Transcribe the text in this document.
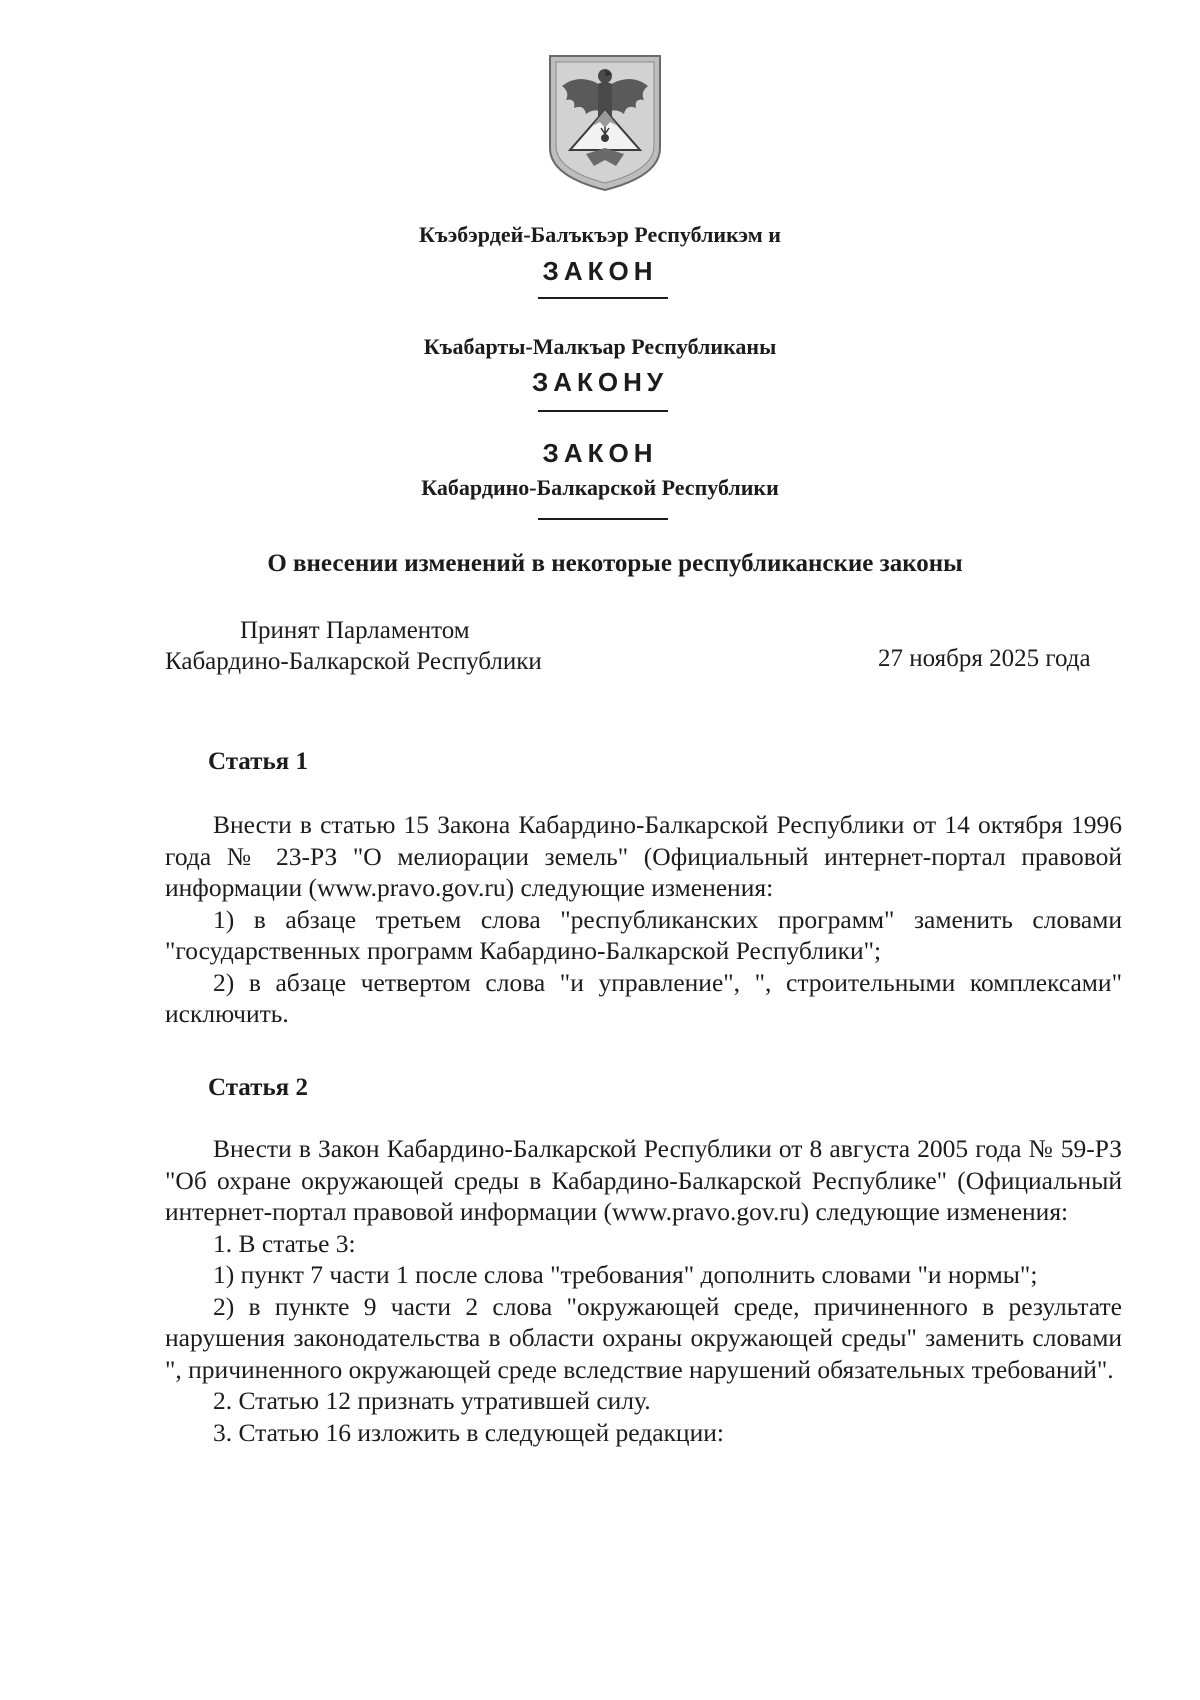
Къэбэрдей-Балъкъэр Республикэм и
ЗАКОН
Къабарты-Малкъар Республиканы
ЗАКОНУ
ЗАКОН
Кабардино-Балкарской Республики
О внесении изменений в некоторые республиканские законы
Принят Парламентом
Кабардино-Балкарской Республики	27 ноября 2025 года
Статья 1

Внести в статью 15 Закона Кабардино-Балкарской Республики от 14 октября 1996 года № 23-РЗ "О мелиорации земель" (Официальный интернет-портал правовой информации (www.pravo.gov.ru) следующие изменения:

1) в абзаце третьем слова "республиканских программ" заменить словами "государственных программ Кабардино-Балкарской Республики";

2) в абзаце четвертом слова "и управление", ", строительными комплексами" исключить.

Статья 2

Внести в Закон Кабардино-Балкарской Республики от 8 августа 2005 года № 59-РЗ "Об охране окружающей среды в Кабардино-Балкарской Республике" (Официальный интернет-портал правовой информации (www.pravo.gov.ru) следующие изменения:

1. В статье 3:

1) пункт 7 части 1 после слова "требования" дополнить словами "и нормы";

2) в пункте 9 части 2 слова "окружающей среде, причиненного в результате нарушения законодательства в области охраны окружающей среды" заменить словами ", причиненного окружающей среде вследствие нарушений обязательных требований".

2. Статью 12 признать утратившей силу.

3. Статью 16 изложить в следующей редакции:
